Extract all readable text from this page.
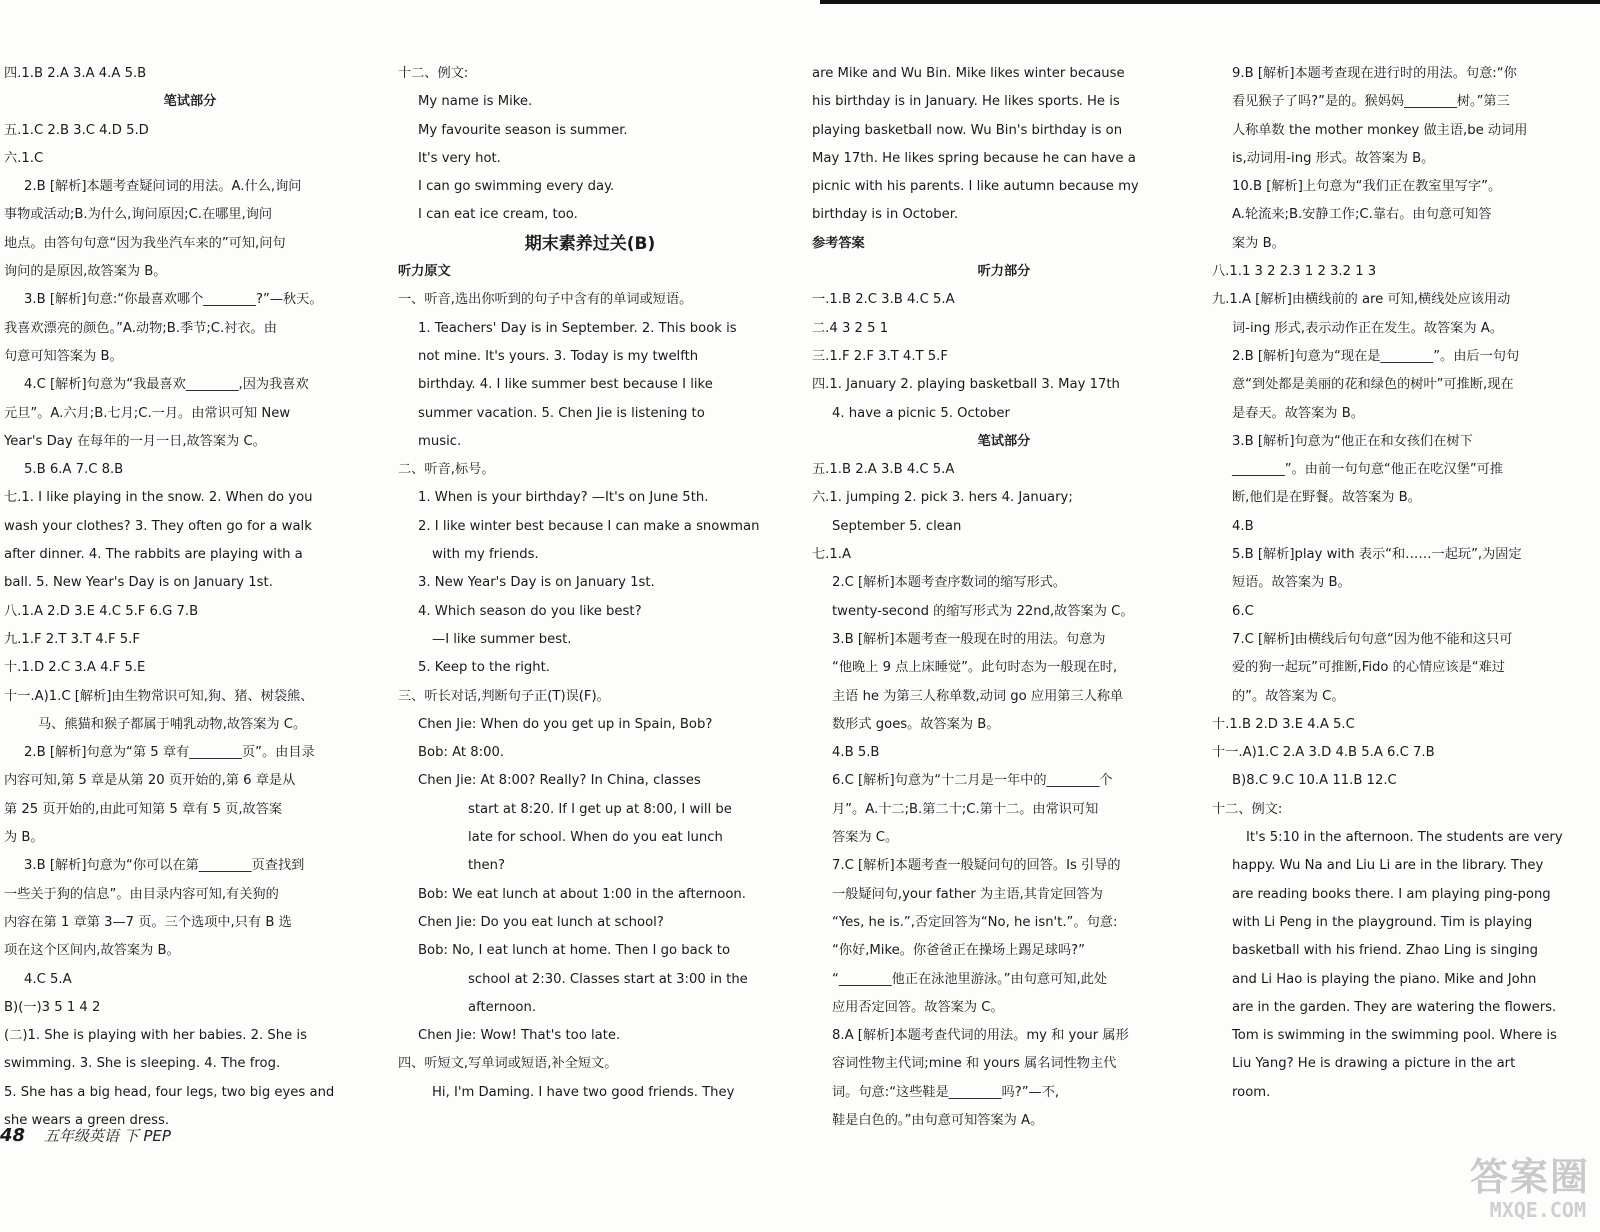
四.1.B 2.A 3.A 4.A 5.B
笔试部分
五.1.C 2.B 3.C 4.D 5.D
六.1.C
2.B [解析]本题考查疑问词的用法。A.什么,询问
事物或活动;B.为什么,询问原因;C.在哪里,询问
地点。由答句句意“因为我坐汽车来的”可知,问句
询问的是原因,故答案为 B。
3.B [解析]句意:“你最喜欢哪个________?”—秋天。
我喜欢漂亮的颜色。”A.动物;B.季节;C.衬衣。由
句意可知答案为 B。
4.C [解析]句意为“我最喜欢________,因为我喜欢
元旦”。A.六月;B.七月;C.一月。由常识可知 New
Year's Day 在每年的一月一日,故答案为 C。
5.B 6.A 7.C 8.B
七.1. I like playing in the snow. 2. When do you
wash your clothes? 3. They often go for a walk
after dinner. 4. The rabbits are playing with a
ball. 5. New Year's Day is on January 1st.
八.1.A 2.D 3.E 4.C 5.F 6.G 7.B
九.1.F 2.T 3.T 4.F 5.F
十.1.D 2.C 3.A 4.F 5.E
十一.A)1.C [解析]由生物常识可知,狗、猪、树袋熊、
马、熊猫和猴子都属于哺乳动物,故答案为 C。
2.B [解析]句意为“第 5 章有________页”。由目录
内容可知,第 5 章是从第 20 页开始的,第 6 章是从
第 25 页开始的,由此可知第 5 章有 5 页,故答案
为 B。
3.B [解析]句意为“你可以在第________页查找到
一些关于狗的信息”。由目录内容可知,有关狗的
内容在第 1 章第 3—7 页。三个选项中,只有 B 选
项在这个区间内,故答案为 B。
4.C 5.A
B)(一)3 5 1 4 2
(二)1. She is playing with her babies. 2. She is
swimming. 3. She is sleeping. 4. The frog.
5. She has a big head, four legs, two big eyes and
she wears a green dress.
十二、例文:
My name is Mike.
My favourite season is summer.
It's very hot.
I can go swimming every day.
I can eat ice cream, too.
期末素养过关(B)
听力原文
一、听音,选出你听到的句子中含有的单词或短语。
1. Teachers' Day is in September. 2. This book is
not mine. It's yours. 3. Today is my twelfth
birthday. 4. I like summer best because I like
summer vacation. 5. Chen Jie is listening to
music.
二、听音,标号。
1. When is your birthday? —It's on June 5th.
2. I like winter best because I can make a snowman
with my friends.
3. New Year's Day is on January 1st.
4. Which season do you like best?
—I like summer best.
5. Keep to the right.
三、听长对话,判断句子正(T)误(F)。
Chen Jie: When do you get up in Spain, Bob?
Bob: At 8:00.
Chen Jie: At 8:00? Really? In China, classes
start at 8:20. If I get up at 8:00, I will be
late for school. When do you eat lunch
then?
Bob: We eat lunch at about 1:00 in the afternoon.
Chen Jie: Do you eat lunch at school?
Bob: No, I eat lunch at home. Then I go back to
school at 2:30. Classes start at 3:00 in the
afternoon.
Chen Jie: Wow! That's too late.
四、听短文,写单词或短语,补全短文。
Hi, I'm Daming. I have two good friends. They
are Mike and Wu Bin. Mike likes winter because
his birthday is in January. He likes sports. He is
playing basketball now. Wu Bin's birthday is on
May 17th. He likes spring because he can have a
picnic with his parents. I like autumn because my
birthday is in October.
参考答案
听力部分
一.1.B 2.C 3.B 4.C 5.A
二.4 3 2 5 1
三.1.F 2.F 3.T 4.T 5.F
四.1. January 2. playing basketball 3. May 17th
4. have a picnic 5. October
笔试部分
五.1.B 2.A 3.B 4.C 5.A
六.1. jumping 2. pick 3. hers 4. January;
September 5. clean
七.1.A
2.C [解析]本题考查序数词的缩写形式。
twenty-second 的缩写形式为 22nd,故答案为 C。
3.B [解析]本题考查一般现在时的用法。句意为
“他晚上 9 点上床睡觉”。此句时态为一般现在时,
主语 he 为第三人称单数,动词 go 应用第三人称单
数形式 goes。故答案为 B。
4.B 5.B
6.C [解析]句意为“十二月是一年中的________个
月”。A.十二;B.第二十;C.第十二。由常识可知
答案为 C。
7.C [解析]本题考查一般疑问句的回答。Is 引导的
一般疑问句,your father 为主语,其肯定回答为
“Yes, he is.”,否定回答为“No, he isn't.”。句意:
“你好,Mike。你爸爸正在操场上踢足球吗?”
“________他正在泳池里游泳。”由句意可知,此处
应用否定回答。故答案为 C。
8.A [解析]本题考查代词的用法。my 和 your 属形
容词性物主代词;mine 和 yours 属名词性物主代
词。句意:“这些鞋是________吗?”—不,
鞋是白色的。”由句意可知答案为 A。
9.B [解析]本题考查现在进行时的用法。句意:“你
看见猴子了吗?”是的。猴妈妈________树。”第三
人称单数 the mother monkey 做主语,be 动词用
is,动词用-ing 形式。故答案为 B。
10.B [解析]上句意为“我们正在教室里写字”。
A.轮流来;B.安静工作;C.靠右。由句意可知答
案为 B。
八.1.1 3 2 2.3 1 2 3.2 1 3
九.1.A [解析]由横线前的 are 可知,横线处应该用动
词-ing 形式,表示动作正在发生。故答案为 A。
2.B [解析]句意为“现在是________”。由后一句句
意“到处都是美丽的花和绿色的树叶”可推断,现在
是春天。故答案为 B。
3.B [解析]句意为“他正在和女孩们在树下
________”。由前一句句意“他正在吃汉堡”可推
断,他们是在野餐。故答案为 B。
4.B
5.B [解析]play with 表示“和……一起玩”,为固定
短语。故答案为 B。
6.C
7.C [解析]由横线后句句意“因为他不能和这只可
爱的狗一起玩”可推断,Fido 的心情应该是“难过
的”。故答案为 C。
十.1.B 2.D 3.E 4.A 5.C
十一.A)1.C 2.A 3.D 4.B 5.A 6.C 7.B
B)8.C 9.C 10.A 11.B 12.C
十二、例文:
It's 5:10 in the afternoon. The students are very
happy. Wu Na and Liu Li are in the library. They
are reading books there. I am playing ping-pong
with Li Peng in the playground. Tim is playing
basketball with his friend. Zhao Ling is singing
and Li Hao is playing the piano. Mike and John
are in the garden. They are watering the flowers.
Tom is swimming in the swimming pool. Where is
Liu Yang? He is drawing a picture in the art
room.
48 五年级英语 下 PEP
答案圈
MXQE.COM
